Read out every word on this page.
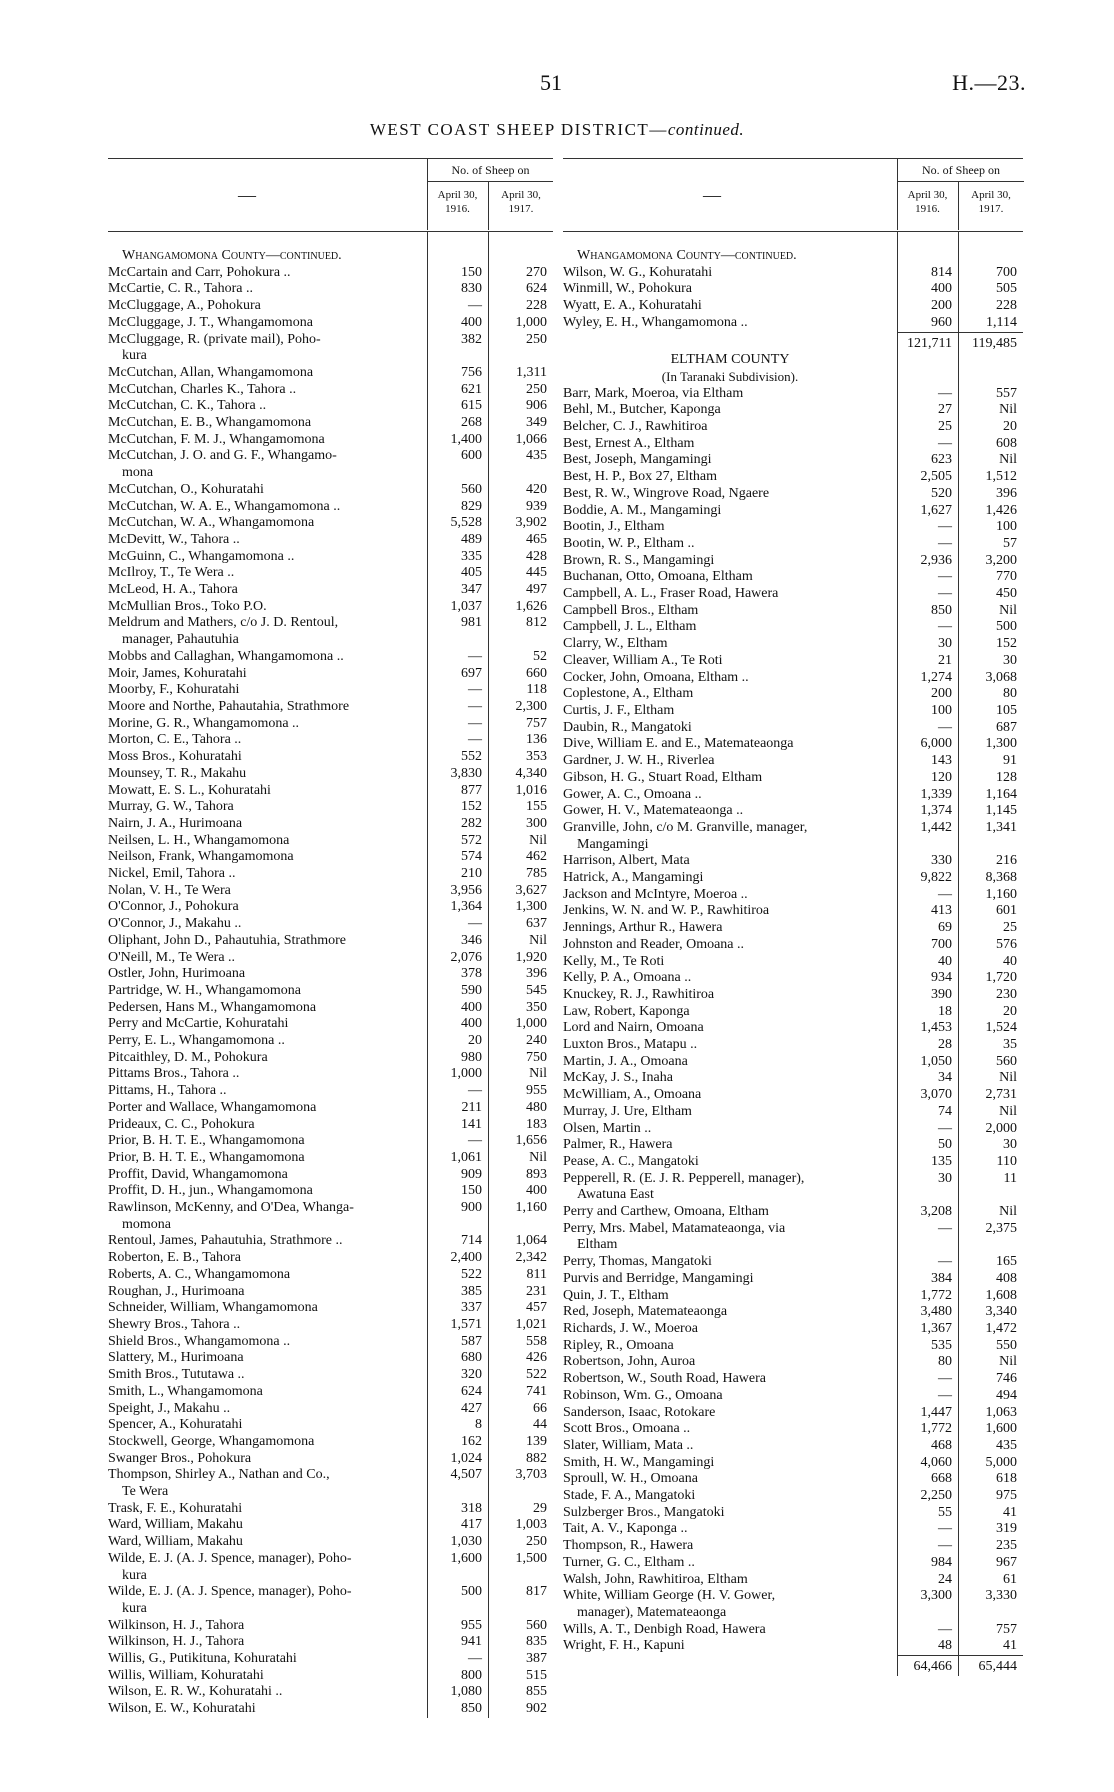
51	H.—23.
WEST COAST SHEEP DISTRICT—continued.
—
No. of Sheep on
April 30, 1916.
April 30, 1917.
Whangamomona County—continued.
McCartain and Carr, Pohokura ..	150	270
McCartie, C. R., Tahora ..	830	624
McCluggage, A., Pohokura	—	228
McCluggage, J. T., Whangamomona	400	1,000
McCluggage, R. (private mail), Poho-
kura
382	250
McCutchan, Allan, Whangamomona	756	1,311
McCutchan, Charles K., Tahora ..	621	250
McCutchan, C. K., Tahora ..	615	906
McCutchan, E. B., Whangamomona	268	349
McCutchan, F. M. J., Whangamomona	1,400	1,066
McCutchan, J. O. and G. F., Whangamo-
mona
600	435
McCutchan, O., Kohuratahi	560	420
McCutchan, W. A. E., Whangamomona ..	829	939
McCutchan, W. A., Whangamomona	5,528	3,902
McDevitt, W., Tahora ..	489	465
McGuinn, C., Whangamomona ..	335	428
McIlroy, T., Te Wera ..	405	445
McLeod, H. A., Tahora	347	497
McMullian Bros., Toko P.O.	1,037	1,626
Meldrum and Mathers, c/o J. D. Rentoul,
manager, Pahautuhia
981	812
Mobbs and Callaghan, Whangamomona ..	—	52
Moir, James, Kohuratahi	697	660
Moorby, F., Kohuratahi	—	118
Moore and Northe, Pahautahia, Strathmore	—	2,300
Morine, G. R., Whangamomona ..	—	757
Morton, C. E., Tahora ..	—	136
Moss Bros., Kohuratahi	552	353
Mounsey, T. R., Makahu	3,830	4,340
Mowatt, E. S. L., Kohuratahi	877	1,016
Murray, G. W., Tahora	152	155
Nairn, J. A., Hurimoana	282	300
Neilsen, L. H., Whangamomona	572	Nil
Neilson, Frank, Whangamomona	574	462
Nickel, Emil, Tahora ..	210	785
Nolan, V. H., Te Wera	3,956	3,627
O'Connor, J., Pohokura	1,364	1,300
O'Connor, J., Makahu ..	—	637
Oliphant, John D., Pahautuhia, Strathmore	346	Nil
O'Neill, M., Te Wera ..	2,076	1,920
Ostler, John, Hurimoana	378	396
Partridge, W. H., Whangamomona	590	545
Pedersen, Hans M., Whangamomona	400	350
Perry and McCartie, Kohuratahi	400	1,000
Perry, E. L., Whangamomona ..	20	240
Pitcaithley, D. M., Pohokura	980	750
Pittams Bros., Tahora ..	1,000	Nil
Pittams, H., Tahora ..	—	955
Porter and Wallace, Whangamomona	211	480
Prideaux, C. C., Pohokura	141	183
Prior, B. H. T. E., Whangamomona	—	1,656
Prior, B. H. T. E., Whangamomona	1,061	Nil
Proffit, David, Whangamomona	909	893
Proffit, D. H., jun., Whangamomona	150	400
Rawlinson, McKenny, and O'Dea, Whanga-
momona
900	1,160
Rentoul, James, Pahautuhia, Strathmore ..	714	1,064
Roberton, E. B., Tahora	2,400	2,342
Roberts, A. C., Whangamomona	522	811
Roughan, J., Hurimoana	385	231
Schneider, William, Whangamomona	337	457
Shewry Bros., Tahora ..	1,571	1,021
Shield Bros., Whangamomona ..	587	558
Slattery, M., Hurimoana	680	426
Smith Bros., Tututawa ..	320	522
Smith, L., Whangamomona	624	741
Speight, J., Makahu ..	427	66
Spencer, A., Kohuratahi	8	44
Stockwell, George, Whangamomona	162	139
Swanger Bros., Pohokura	1,024	882
Thompson, Shirley A., Nathan and Co.,
Te Wera
4,507	3,703
Trask, F. E., Kohuratahi	318	29
Ward, William, Makahu	417	1,003
Ward, William, Makahu	1,030	250
Wilde, E. J. (A. J. Spence, manager), Poho-
kura
1,600	1,500
Wilde, E. J. (A. J. Spence, manager), Poho-
kura
500	817
Wilkinson, H. J., Tahora	955	560
Wilkinson, H. J., Tahora	941	835
Willis, G., Putikituna, Kohuratahi	—	387
Willis, William, Kohuratahi	800	515
Wilson, E. R. W., Kohuratahi ..	1,080	855
Wilson, E. W., Kohuratahi	850	902
—
No. of Sheep on
April 30, 1916.
April 30, 1917.
Whangamomona County—continued.
Wilson, W. G., Kohuratahi	814	700
Winmill, W., Pohokura	400	505
Wyatt, E. A., Kohuratahi	200	228
Wyley, E. H., Whangamomona ..	960	1,114
121,711	119,485
ELTHAM COUNTY
(In Taranaki Subdivision).
Barr, Mark, Moeroa, via Eltham	—	557
Behl, M., Butcher, Kaponga	27	Nil
Belcher, C. J., Rawhitiroa	25	20
Best, Ernest A., Eltham	—	608
Best, Joseph, Mangamingi	623	Nil
Best, H. P., Box 27, Eltham	2,505	1,512
Best, R. W., Wingrove Road, Ngaere	520	396
Boddie, A. M., Mangamingi	1,627	1,426
Bootin, J., Eltham	—	100
Bootin, W. P., Eltham ..	—	57
Brown, R. S., Mangamingi	2,936	3,200
Buchanan, Otto, Omoana, Eltham	—	770
Campbell, A. L., Fraser Road, Hawera	—	450
Campbell Bros., Eltham	850	Nil
Campbell, J. L., Eltham	—	500
Clarry, W., Eltham	30	152
Cleaver, William A., Te Roti	21	30
Cocker, John, Omoana, Eltham ..	1,274	3,068
Coplestone, A., Eltham	200	80
Curtis, J. F., Eltham	100	105
Daubin, R., Mangatoki	—	687
Dive, William E. and E., Matemateaonga	6,000	1,300
Gardner, J. W. H., Riverlea	143	91
Gibson, H. G., Stuart Road, Eltham	120	128
Gower, A. C., Omoana ..	1,339	1,164
Gower, H. V., Matemateaonga ..	1,374	1,145
Granville, John, c/o M. Granville, manager,
Mangamingi
1,442	1,341
Harrison, Albert, Mata	330	216
Hatrick, A., Mangamingi	9,822	8,368
Jackson and McIntyre, Moeroa ..	—	1,160
Jenkins, W. N. and W. P., Rawhitiroa	413	601
Jennings, Arthur R., Hawera	69	25
Johnston and Reader, Omoana ..	700	576
Kelly, M., Te Roti	40	40
Kelly, P. A., Omoana ..	934	1,720
Knuckey, R. J., Rawhitiroa	390	230
Law, Robert, Kaponga	18	20
Lord and Nairn, Omoana	1,453	1,524
Luxton Bros., Matapu ..	28	35
Martin, J. A., Omoana	1,050	560
McKay, J. S., Inaha	34	Nil
McWilliam, A., Omoana	3,070	2,731
Murray, J. Ure, Eltham	74	Nil
Olsen, Martin ..	—	2,000
Palmer, R., Hawera	50	30
Pease, A. C., Mangatoki	135	110
Pepperell, R. (E. J. R. Pepperell, manager),
Awatuna East
30	11
Perry and Carthew, Omoana, Eltham	3,208	Nil
Perry, Mrs. Mabel, Matamateaonga, via
Eltham
—	2,375
Perry, Thomas, Mangatoki	—	165
Purvis and Berridge, Mangamingi	384	408
Quin, J. T., Eltham	1,772	1,608
Red, Joseph, Matemateaonga	3,480	3,340
Richards, J. W., Moeroa	1,367	1,472
Ripley, R., Omoana	535	550
Robertson, John, Auroa	80	Nil
Robertson, W., South Road, Hawera	—	746
Robinson, Wm. G., Omoana	—	494
Sanderson, Isaac, Rotokare	1,447	1,063
Scott Bros., Omoana ..	1,772	1,600
Slater, William, Mata ..	468	435
Smith, H. W., Mangamingi	4,060	5,000
Sproull, W. H., Omoana	668	618
Stade, F. A., Mangatoki	2,250	975
Sulzberger Bros., Mangatoki	55	41
Tait, A. V., Kaponga ..	—	319
Thompson, R., Hawera	—	235
Turner, G. C., Eltham ..	984	967
Walsh, John, Rawhitiroa, Eltham	24	61
White, William George (H. V. Gower,
manager), Matemateaonga
3,300	3,330
Wills, A. T., Denbigh Road, Hawera	—	757
Wright, F. H., Kapuni	48	41
64,466	65,444
